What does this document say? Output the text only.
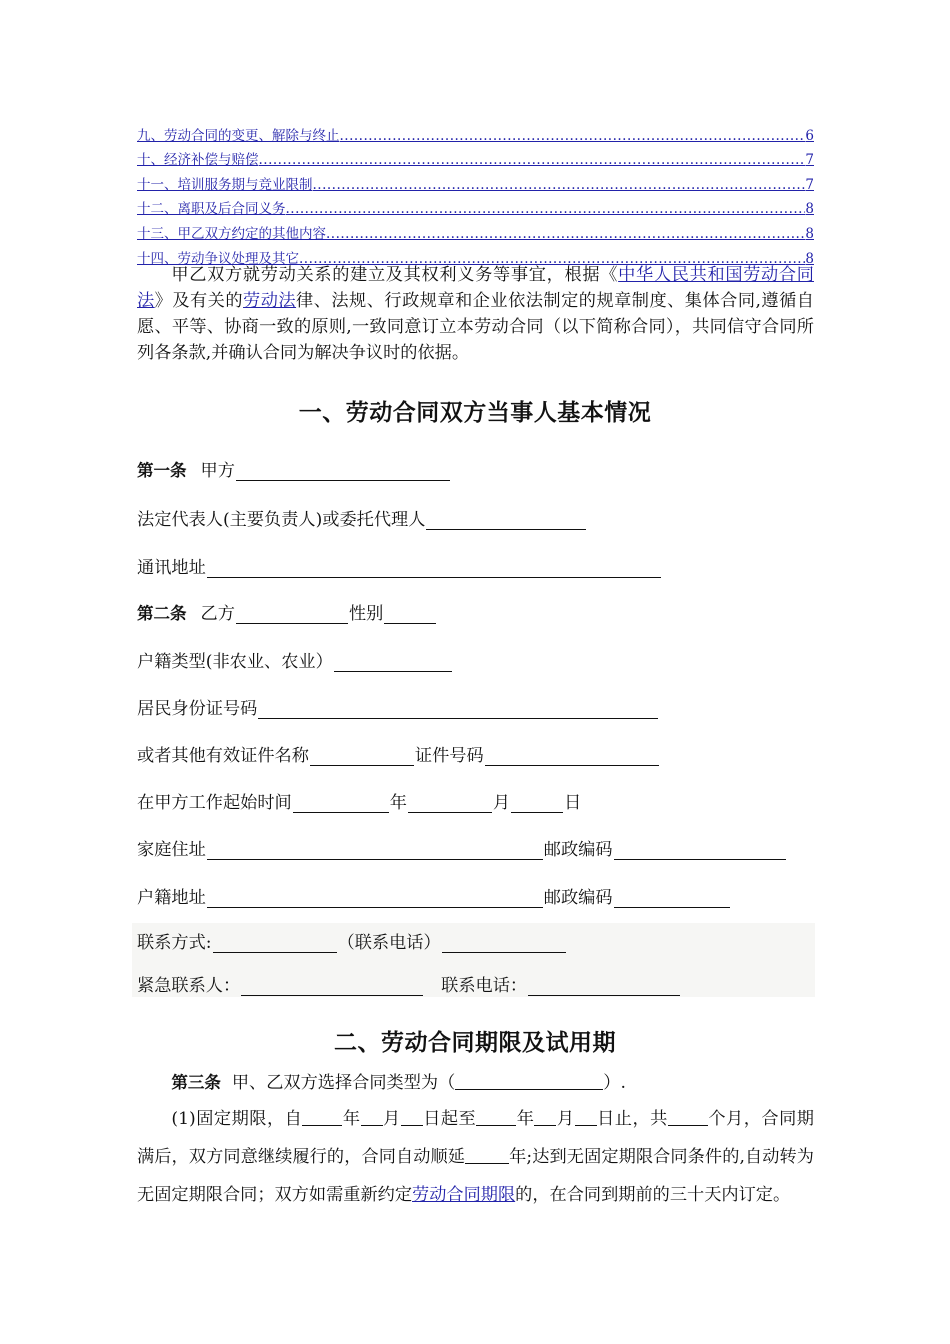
九、劳动合同的变更、解除与终止 .....	6
十、经济补偿与赔偿 .....	7
十一、培训服务期与竞业限制 .....	7
十二、离职及后合同义务 .....	8
十三、甲乙双方约定的其他内容 .....	8
十四、劳动争议处理及其它 .....	8
甲乙双方就劳动关系的建立及其权利义务等事宜，根据《中华人民共和国劳动合同法》及有关的劳动法律、法规、行政规章和企业依法制定的规章制度、集体合同,遵循自愿、平等、协商一致的原则,一致同意订立本劳动合同（以下简称合同），共同信守合同所列各条款,并确认合同为解决争议时的依据。
一、劳动合同双方当事人基本情况
第一条 甲方
法定代表人(主要负责人)或委托代理人
通讯地址
第二条 乙方	性别
户籍类型(非农业、农业）
居民身份证号码
或者其他有效证件名称	证件号码
在甲方工作起始时间	年	月	日
家庭住址	邮政编码
户籍地址	邮政编码
联系方式:	（联系电话）
紧急联系人：	联系电话：
二、劳动合同期限及试用期
第三条 甲、乙双方选择合同类型为（	）.
(1)固定期限，自 年 月 日起至 年 月 日止，共 个月，合同期满后，双方同意继续履行的，合同自动顺延	年;达到无固定期限合同条件的,自动转为无固定期限合同；双方如需重新约定劳动合同期限的，在合同到期前的三十天内订定。
